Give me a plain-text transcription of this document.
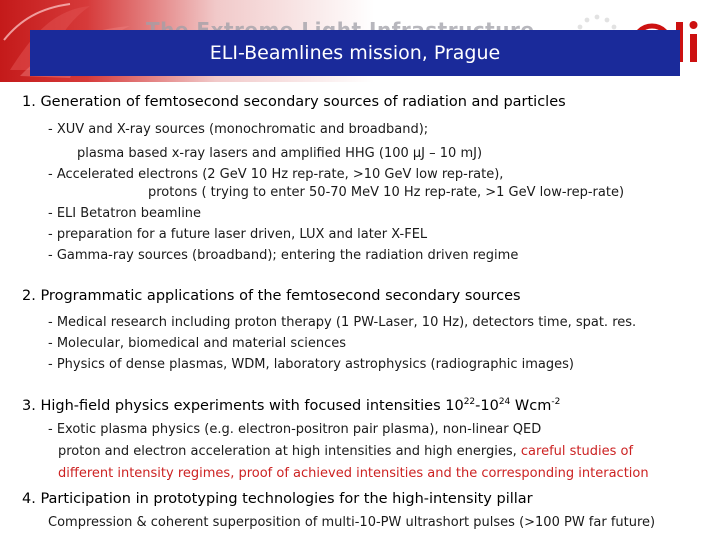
ELI-Beamlines mission, Prague
1. Generation of femtosecond secondary sources of radiation and particles
- XUV and X-ray sources (monochromatic and broadband);
plasma based x-ray lasers and amplified HHG (100 μJ – 10 mJ)
- Accelerated electrons (2 GeV 10 Hz rep-rate, >10 GeV low rep-rate),
protons ( trying to enter 50-70 MeV 10 Hz rep-rate, >1 GeV low-rep-rate)
- ELI Betatron beamline
- preparation for a future laser driven, LUX and later X-FEL
- Gamma-ray sources (broadband); entering the radiation driven regime
2. Programmatic applications of the femtosecond secondary sources
- Medical research including proton therapy (1 PW-Laser, 10 Hz), detectors time, spat. res.
- Molecular, biomedical and material sciences
- Physics of dense plasmas, WDM, laboratory astrophysics (radiographic images)
3. High-field physics experiments with focused intensities $10^{22}-10^{24}$ Wcm$^{-2}$
- Exotic plasma physics (e.g. electron-positron pair plasma), non-linear QED
proton and electron acceleration at high intensities and high energies, careful studies of
different intensity regimes, proof of achieved intensities and the corresponding interaction
4. Participation in prototyping technologies for the high-intensity pillar
Compression & coherent superposition of multi-10-PW ultrashort pulses (>100 PW far future)
